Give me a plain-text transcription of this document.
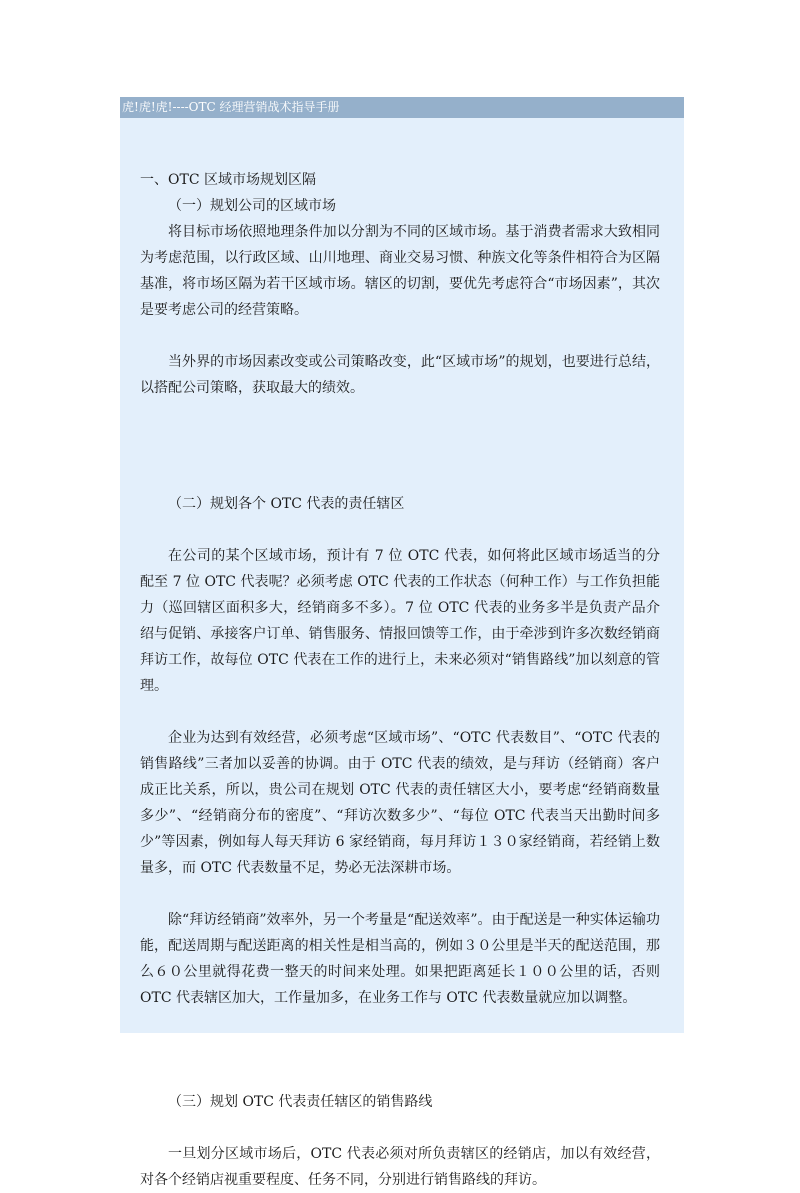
虎!虎!虎!----OTC 经理营销战术指导手册

一、OTC 区域市场规划区隔

（一）规划公司的区域市场

将目标市场依照地理条件加以分割为不同的区域市场。基于消费者需求大致相同为考虑范围，以行政区域、山川地理、商业交易习惯、种族文化等条件相符合为区隔基准，将市场区隔为若干区域市场。辖区的切割，要优先考虑符合“市场因素”，其次是要考虑公司的经营策略。

当外界的市场因素改变或公司策略改变，此“区域市场”的规划，也要进行总结，以搭配公司策略，获取最大的绩效。

（二）规划各个 OTC 代表的责任辖区

在公司的某个区域市场，预计有 7 位 OTC 代表，如何将此区域市场适当的分配至 7 位 OTC 代表呢？必须考虑 OTC 代表的工作状态（何种工作）与工作负担能力（巡回辖区面积多大，经销商多不多）。7 位 OTC 代表的业务多半是负责产品介绍与促销、承接客户订单、销售服务、情报回馈等工作，由于牵涉到许多次数经销商拜访工作，故每位 OTC 代表在工作的进行上，未来必须对“销售路线”加以刻意的管理。

企业为达到有效经营，必须考虑“区域市场”、“OTC 代表数目”、“OTC 代表的销售路线”三者加以妥善的协调。由于 OTC 代表的绩效，是与拜访（经销商）客户成正比关系，所以，贵公司在规划 OTC 代表的责任辖区大小，要考虑“经销商数量多少”、“经销商分布的密度”、“拜访次数多少”、“每位 OTC 代表当天出勤时间多少”等因素，例如每人每天拜访 6 家经销商，每月拜访１３０家经销商，若经销上数量多，而 OTC 代表数量不足，势必无法深耕市场。

除“拜访经销商”效率外，另一个考量是“配送效率”。由于配送是一种实体运输功能，配送周期与配送距离的相关性是相当高的，例如３０公里是半天的配送范围，那么６０公里就得花费一整天的时间来处理。如果把距离延长１００公里的话，否则 OTC 代表辖区加大，工作量加多，在业务工作与 OTC 代表数量就应加以调整。

（三）规划 OTC 代表责任辖区的销售路线

一旦划分区域市场后，OTC 代表必须对所负责辖区的经销店，加以有效经营，对各个经销店视重要程度、任务不同，分别进行销售路线的拜访。
